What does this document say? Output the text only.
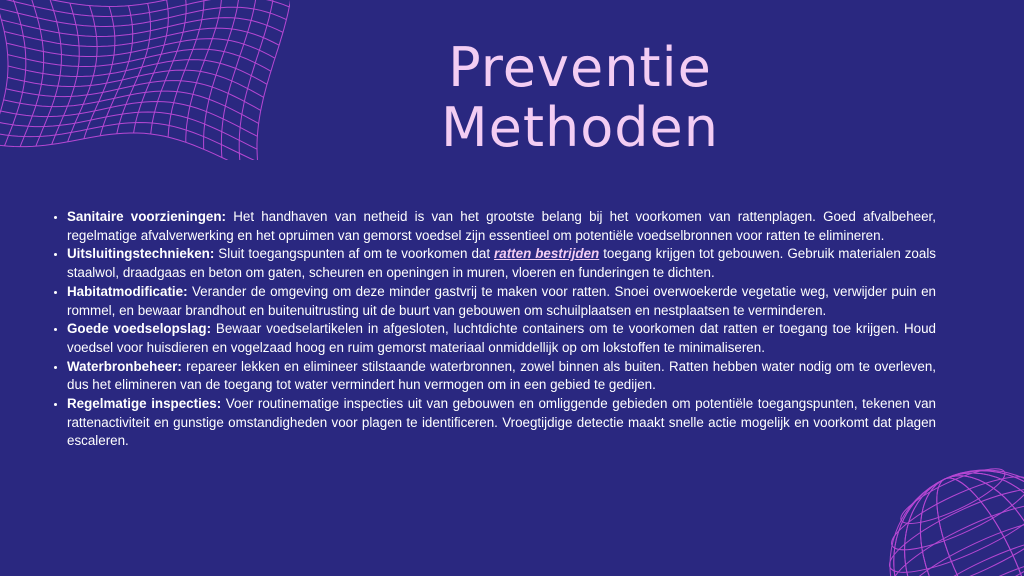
Preventie
Methoden
• Sanitaire voorzieningen: Het handhaven van netheid is van het grootste belang bij het voorkomen van rattenplagen. Goed afvalbeheer, regelmatige afvalverwerking en het opruimen van gemorst voedsel zijn essentieel om potentiële voedselbronnen voor ratten te elimineren.
• Uitsluitingstechnieken: Sluit toegangspunten af om te voorkomen dat ratten bestrijden toegang krijgen tot gebouwen. Gebruik materialen zoals staalwol, draadgaas en beton om gaten, scheuren en openingen in muren, vloeren en funderingen te dichten.
• Habitatmodificatie: Verander de omgeving om deze minder gastvrij te maken voor ratten. Snoei overwoekerde vegetatie weg, verwijder puin en rommel, en bewaar brandhout en buitenuitrusting uit de buurt van gebouwen om schuilplaatsen en nestplaatsen te verminderen.
• Goede voedselopslag: Bewaar voedselartikelen in afgesloten, luchtdichte containers om te voorkomen dat ratten er toegang toe krijgen. Houd voedsel voor huisdieren en vogelzaad hoog en ruim gemorst materiaal onmiddellijk op om lokstoffen te minimaliseren.
• Waterbronbeheer: repareer lekken en elimineer stilstaande waterbronnen, zowel binnen als buiten. Ratten hebben water nodig om te overleven, dus het elimineren van de toegang tot water vermindert hun vermogen om in een gebied te gedijen.
• Regelmatige inspecties: Voer routinematige inspecties uit van gebouwen en omliggende gebieden om potentiële toegangspunten, tekenen van rattenactiviteit en gunstige omstandigheden voor plagen te identificeren. Vroegtijdige detectie maakt snelle actie mogelijk en voorkomt dat plagen escaleren.
